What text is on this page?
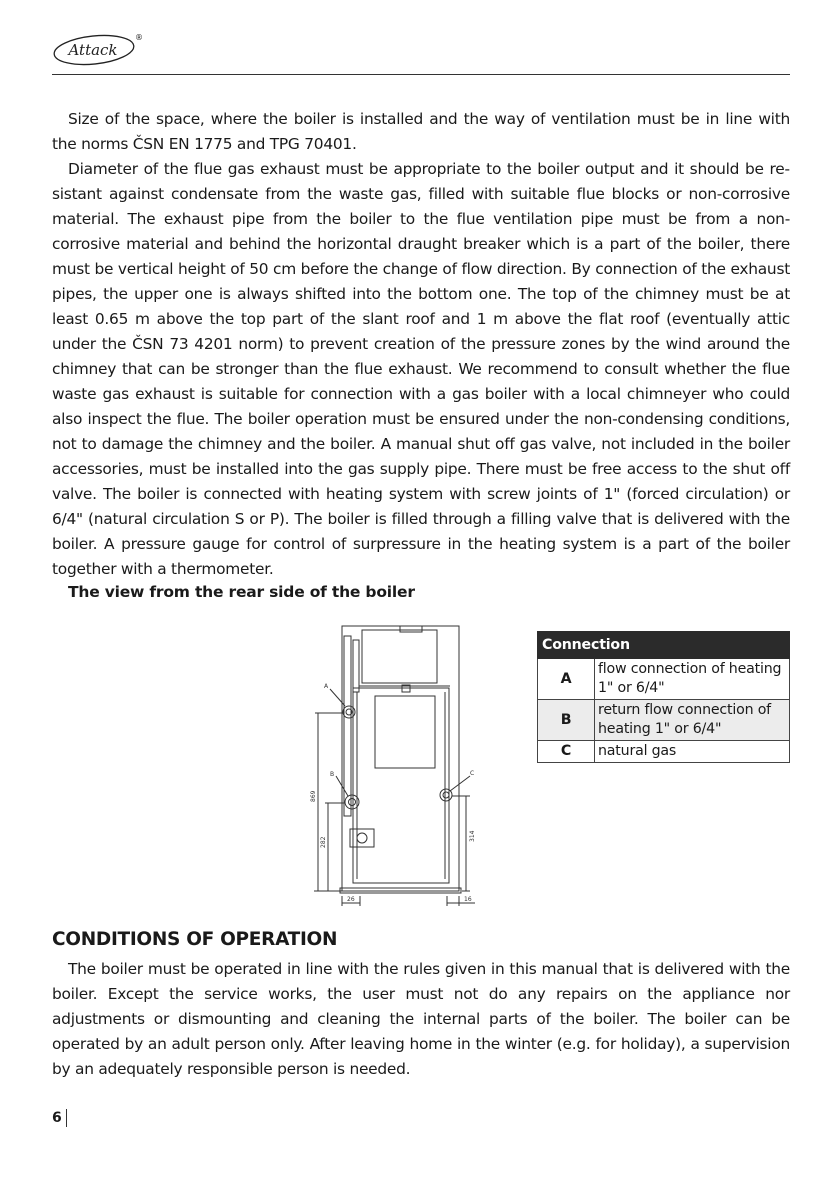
Attack
®

Size of the space, where the boiler is installed and the way of ventilation must be in line with the norms ČSN EN 1775 and TPG 70401.

Diameter of the flue gas exhaust must be appropriate to the boiler output and it should be resistant against condensate from the waste gas, filled with suitable flue blocks or non-corrosive material. The exhaust pipe from the boiler to the flue ventilation pipe must be from a non-corrosive material and behind the horizontal draught breaker which is a part of the boiler, there must be vertical height of 50 cm before the change of flow direction. By connection of the exhaust pipes, the upper one is always shifted into the bottom one. The top of the chimney must be at least 0.65 m above the top part of the slant roof and 1 m above the flat roof (eventually attic under the ČSN 73 4201 norm) to prevent creation of the pressure zones by the wind around the chimney that can be stronger than the flue exhaust. We recommend to consult whether the flue waste gas exhaust is suitable for connection with a gas boiler with a local chimneyer who could also inspect the flue. The boiler operation must be ensured under the non-condensing conditions, not to damage the chimney and the boiler. A manual shut off gas valve, not included in the boiler accessories, must be installed into the gas supply pipe. There must be free access to the shut off valve. The boiler is connected with heating system with screw joints of 1" (forced circulation) or 6/4" (natural circulation S or P). The boiler is filled through a filling valve that is delivered with the boiler. A pressure gauge for control of surpressure in the heating system is a part of the boiler together with a thermometer.

The view from the rear side of the boiler
A
B	C
869
282
314
26	16
Connection	
A	flow connection of heating 1" or 6/4"
B	return flow connection of heating 1" or 6/4"
C	natural gas
CONDITIONS OF OPERATION

The boiler must be operated in line with the rules given in this manual that is delivered with the boiler. Except the service works, the user must not do any repairs on the appliance nor adjustments or dismounting and cleaning the internal parts of the boiler. The boiler can be operated by an adult person only. After leaving home in the winter (e.g. for holiday), a supervision by an adequately responsible person is needed.

6
